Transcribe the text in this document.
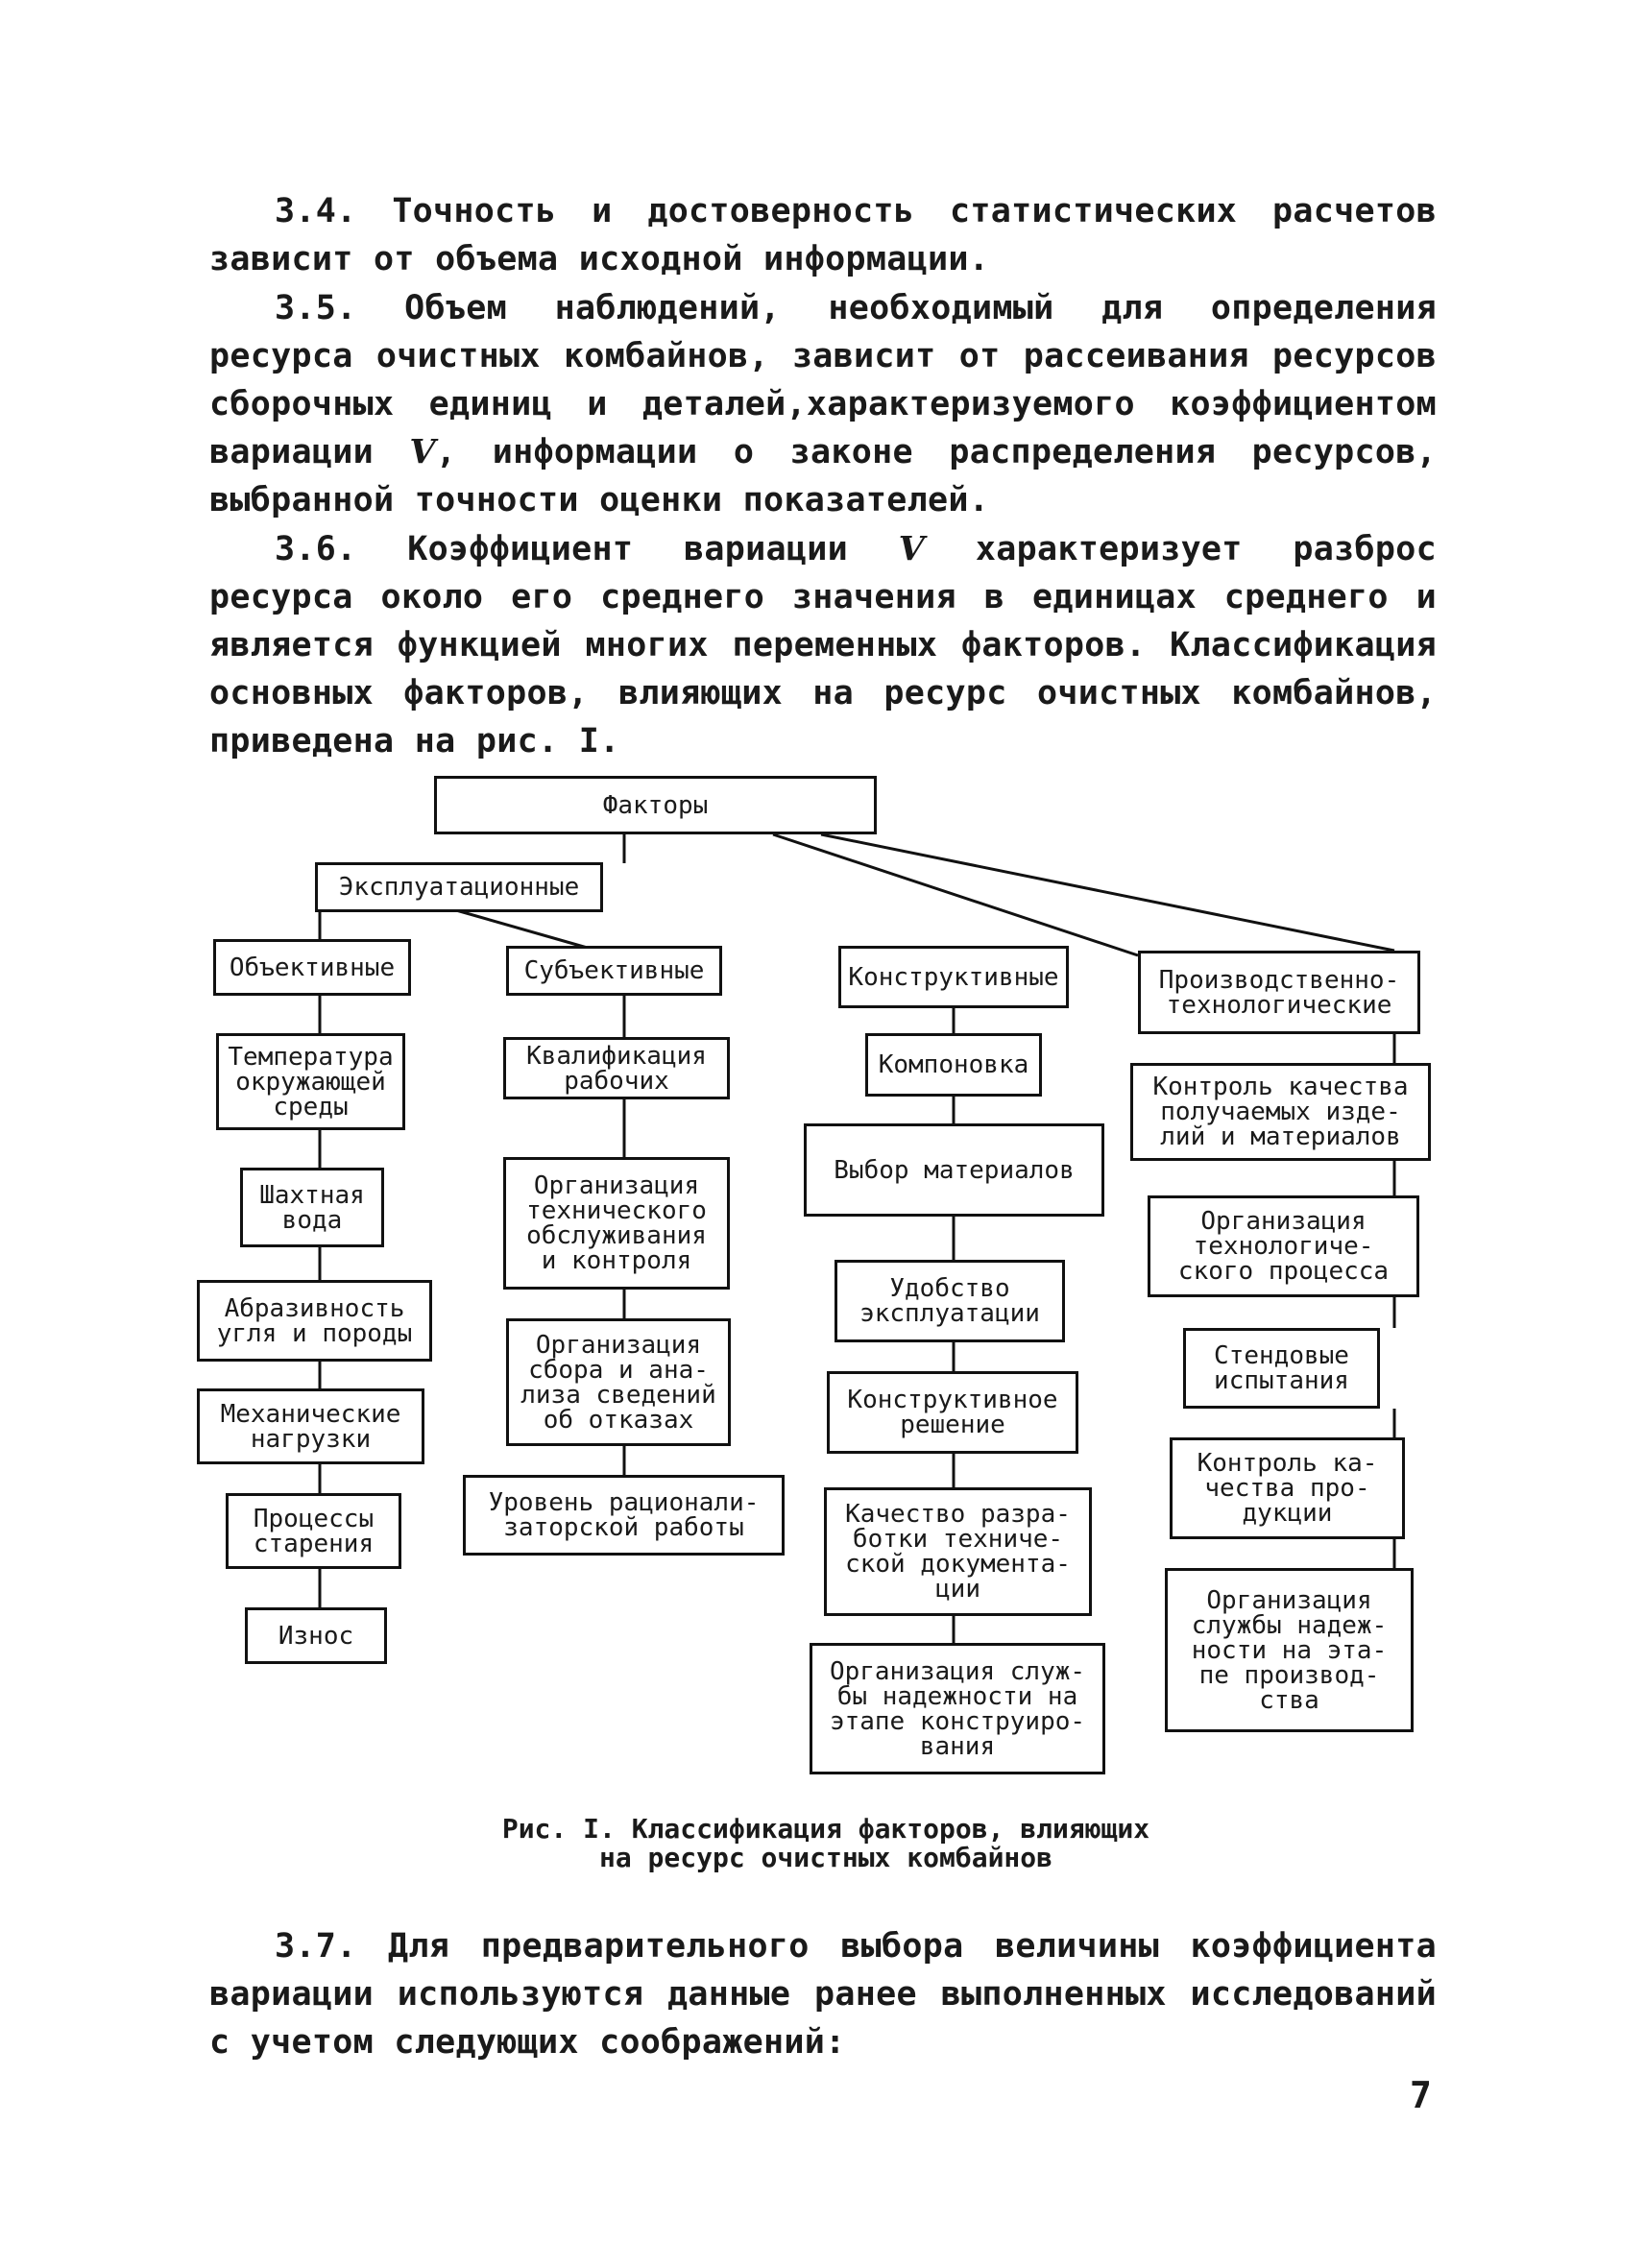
3.4. Точность и достоверность статистических расчетов зависит от объема исходной информации.

3.5. Объем наблюдений, необходимый для определения ресурса очистных комбайнов, зависит от рассеивания ресурсов сборочных единиц и деталей,характеризуемого коэффициентом вариации V, информации о законе распределения ресурсов, выбранной точности оценки показателей.

3.6. Коэффициент вариации V характеризует разброс ресурса около его среднего значения в единицах среднего и является функцией многих переменных факторов. Классификация основных факторов, влияющих на ресурс очистных комбайнов, приведена на рис. I.

Факторы
Эксплуатационные
Объективные
Температура
окружающей
среды
Шахтная
вода
Абразивность
угля и породы
Механические
нагрузки
Процессы
старения
Износ
Субъективные
Квалификация
рабочих
Организация
технического
обслуживания
и контроля
Организация
сбора и ана-
лиза сведений
об отказах
Уровень рационали-
заторской работы
Конструктивные
Компоновка
Выбор материалов
Удобство
эксплуатации
Конструктивное
решение
Качество разра-
ботки техниче-
ской документа-
ции
Организация служ-
бы надежности на
этапе конструиро-
вания
Производственно-
технологические
Контроль качества
получаемых изде-
лий и материалов
Организация
технологиче-
ского процесса
Стендовые
испытания
Контроль ка-
чества про-
дукции
Организация
службы надеж-
ности на эта-
пе производ-
ства
Рис. I. Классификация факторов, влияющих
на ресурс очистных комбайнов

3.7. Для предварительного выбора величины коэффициента вариации используются данные ранее выполненных исследований с учетом следующих соображений:

7
